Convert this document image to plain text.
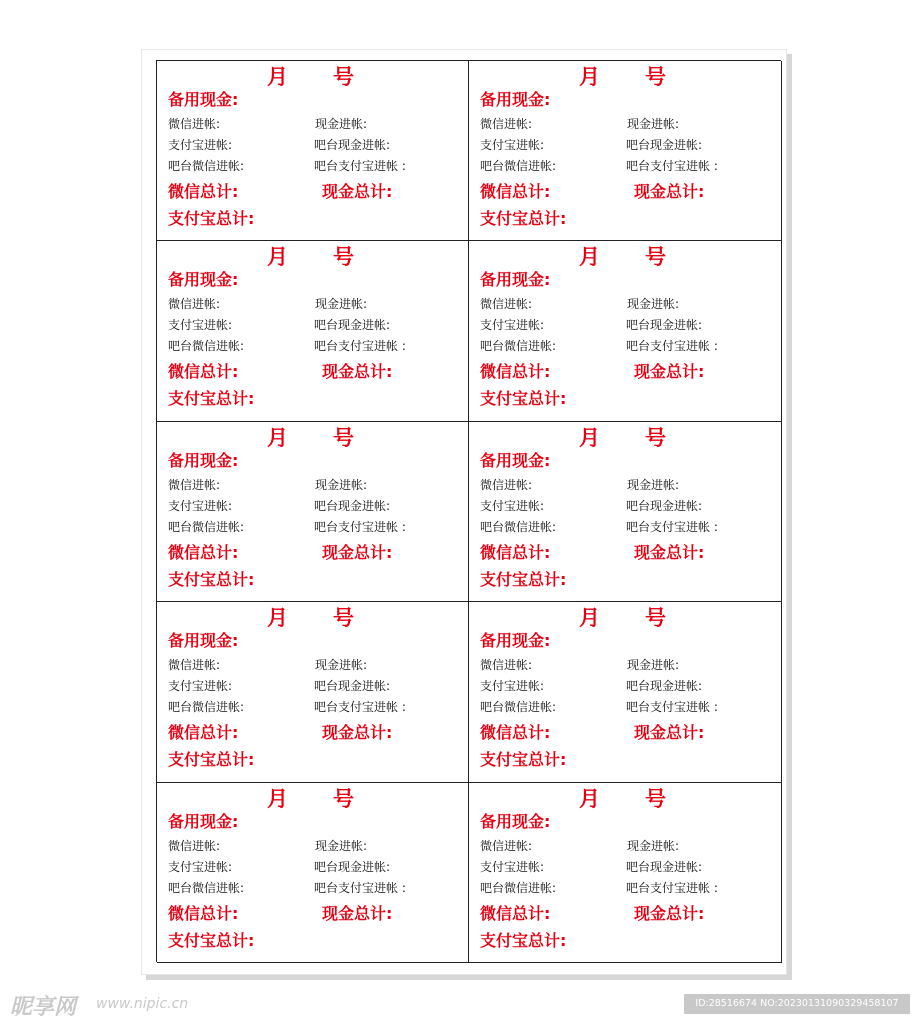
月 号
备用现金:
微信进帐:	现金进帐:
支付宝进帐:	吧台现金进帐:
吧台微信进帐:	吧台支付宝进帐 :
微信总计:	现金总计:
支付宝总计:
月 号
备用现金:
微信进帐:	现金进帐:
支付宝进帐:	吧台现金进帐:
吧台微信进帐:	吧台支付宝进帐 :
微信总计:	现金总计:
支付宝总计:
月 号
备用现金:
微信进帐:	现金进帐:
支付宝进帐:	吧台现金进帐:
吧台微信进帐:	吧台支付宝进帐 :
微信总计:	现金总计:
支付宝总计:
月 号
备用现金:
微信进帐:	现金进帐:
支付宝进帐:	吧台现金进帐:
吧台微信进帐:	吧台支付宝进帐 :
微信总计:	现金总计:
支付宝总计:
月 号
备用现金:
微信进帐:	现金进帐:
支付宝进帐:	吧台现金进帐:
吧台微信进帐:	吧台支付宝进帐 :
微信总计:	现金总计:
支付宝总计:
月 号
备用现金:
微信进帐:	现金进帐:
支付宝进帐:	吧台现金进帐:
吧台微信进帐:	吧台支付宝进帐 :
微信总计:	现金总计:
支付宝总计:
月 号
备用现金:
微信进帐:	现金进帐:
支付宝进帐:	吧台现金进帐:
吧台微信进帐:	吧台支付宝进帐 :
微信总计:	现金总计:
支付宝总计:
月 号
备用现金:
微信进帐:	现金进帐:
支付宝进帐:	吧台现金进帐:
吧台微信进帐:	吧台支付宝进帐 :
微信总计:	现金总计:
支付宝总计:
月 号
备用现金:
微信进帐:	现金进帐:
支付宝进帐:	吧台现金进帐:
吧台微信进帐:	吧台支付宝进帐 :
微信总计:	现金总计:
支付宝总计:
月 号
备用现金:
微信进帐:	现金进帐:
支付宝进帐:	吧台现金进帐:
吧台微信进帐:	吧台支付宝进帐 :
微信总计:	现金总计:
支付宝总计:
昵享网 www.nipic.cn	ID:28516674 NO:20230131090329458107
